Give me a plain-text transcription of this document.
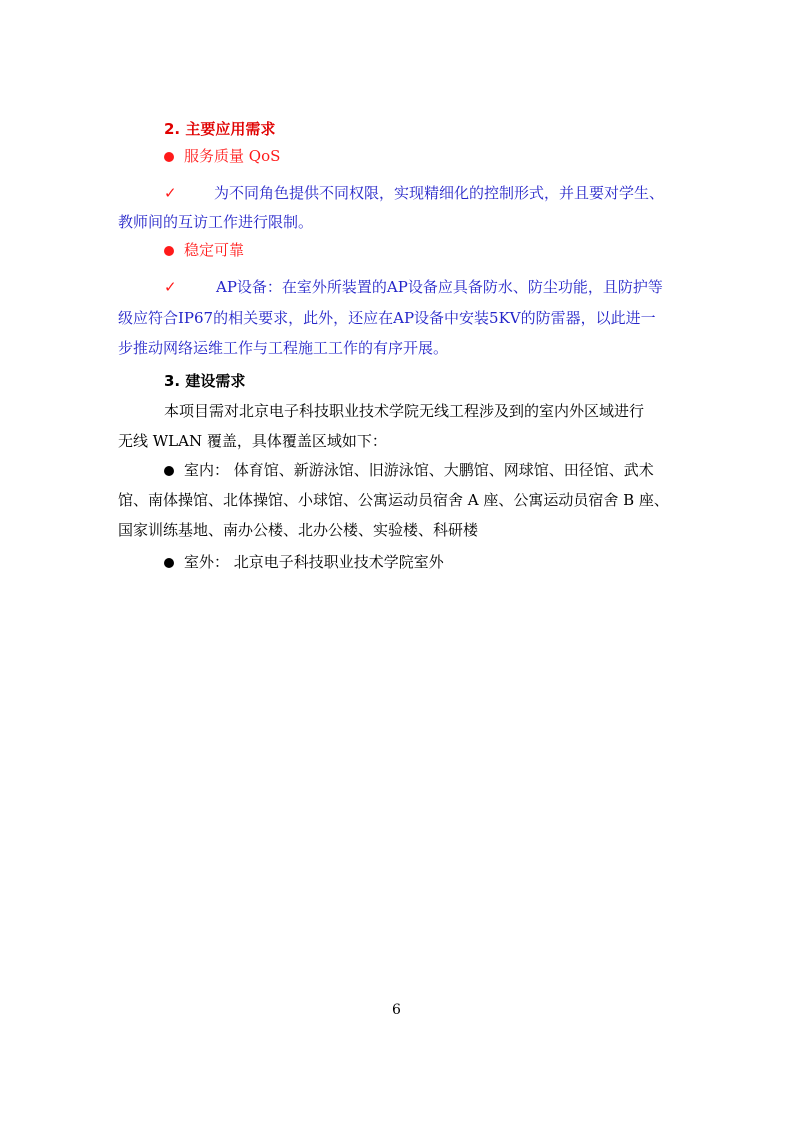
2. 主要应用需求
服务质量 QoS
✓ 为不同角色提供不同权限，实现精细化的控制形式，并且要对学生、
教师间的互访工作进行限制。
稳定可靠
✓	AP设备：在室外所装置的AP设备应具备防水、防尘功能，且防护等
级应符合IP67的相关要求，此外，还应在AP设备中安装5KV的防雷器，以此进一
步推动网络运维工作与工程施工工作的有序开展。
3. 建设需求
本项目需对北京电子科技职业技术学院无线工程涉及到的室内外区域进行
无线 WLAN 覆盖，具体覆盖区域如下：
室内： 体育馆、新游泳馆、旧游泳馆、大鹏馆、网球馆、田径馆、武术
馆、南体操馆、北体操馆、小球馆、公寓运动员宿舍 A 座、公寓运动员宿舍 B 座、
国家训练基地、南办公楼、北办公楼、实验楼、科研楼
室外： 北京电子科技职业技术学院室外
6
